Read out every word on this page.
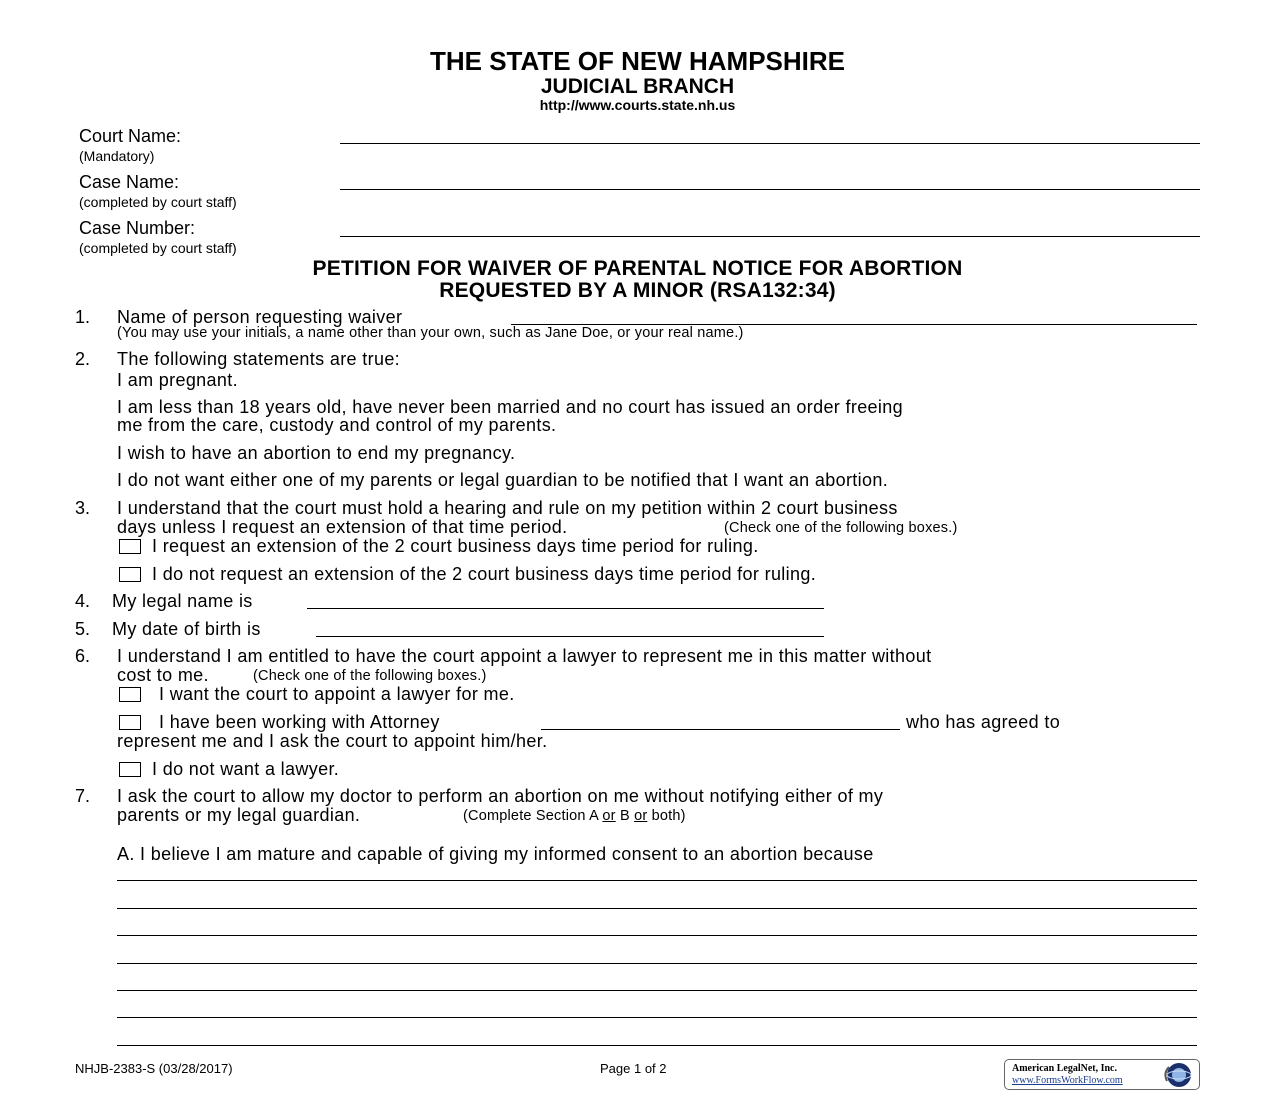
THE STATE OF NEW HAMPSHIRE
JUDICIAL BRANCH
http://www.courts.state.nh.us
Court Name:
(Mandatory)
Case Name:
(completed by court staff)
Case Number:
(completed by court staff)
PETITION FOR WAIVER OF PARENTAL NOTICE FOR ABORTION
REQUESTED BY A MINOR (RSA132:34)
1. Name of person requesting waiver
(You may use your initials, a name other than your own, such as Jane Doe, or your real name.)
2. The following statements are true:
I am pregnant.
I am less than 18 years old, have never been married and no court has issued an order freeing
me from the care, custody and control of my parents.
I wish to have an abortion to end my pregnancy.
I do not want either one of my parents or legal guardian to be notified that I want an abortion.
3. I understand that the court must hold a hearing and rule on my petition within 2 court business
days unless I request an extension of that time period.	(Check one of the following boxes.)
I request an extension of the 2 court business days time period for ruling.
I do not request an extension of the 2 court business days time period for ruling.
4. My legal name is
5. My date of birth is
6. I understand I am entitled to have the court appoint a lawyer to represent me in this matter without
cost to me.	(Check one of the following boxes.)
I want the court to appoint a lawyer for me.
I have been working with Attorney	who has agreed to
represent me and I ask the court to appoint him/her.
I do not want a lawyer.
7. I ask the court to allow my doctor to perform an abortion on me without notifying either of my
parents or my legal guardian.	(Complete Section A or B or both)
A. I believe I am mature and capable of giving my informed consent to an abortion because
NHJB-2383-S (03/28/2017)	Page 1 of 2	American LegalNet, Inc.
www.FormsWorkFlow.com
